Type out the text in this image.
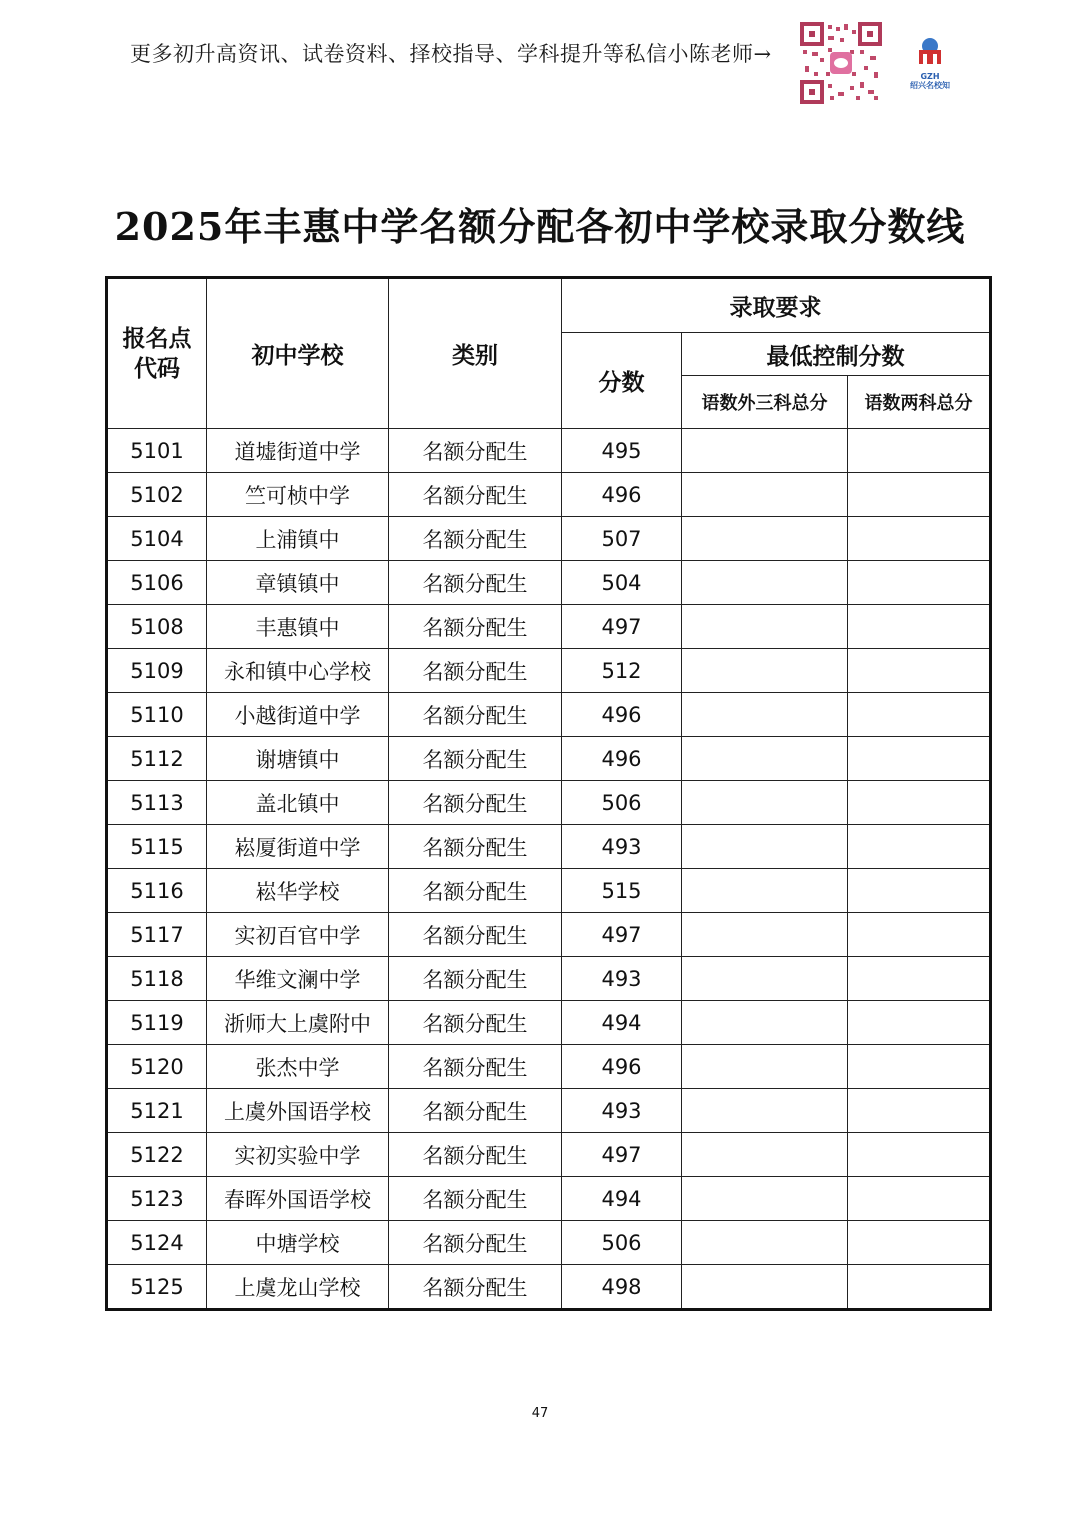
更多初升高资讯、试卷资料、择校指导、学科提升等私信小陈老师→
GZH
绍兴名校知
2025年丰惠中学名额分配各初中学校录取分数线
报名点代码	初中学校	类别	录取要求		
			分数	最低控制分数	
				语数外三科总分	语数两科总分
5101	道墟街道中学	名额分配生	495		
5102	竺可桢中学	名额分配生	496		
5104	上浦镇中	名额分配生	507		
5106	章镇镇中	名额分配生	504		
5108	丰惠镇中	名额分配生	497		
5109	永和镇中心学校	名额分配生	512		
5110	小越街道中学	名额分配生	496		
5112	谢塘镇中	名额分配生	496		
5113	盖北镇中	名额分配生	506		
5115	崧厦街道中学	名额分配生	493		
5116	崧华学校	名额分配生	515		
5117	实初百官中学	名额分配生	497		
5118	华维文澜中学	名额分配生	493		
5119	浙师大上虞附中	名额分配生	494		
5120	张杰中学	名额分配生	496		
5121	上虞外国语学校	名额分配生	493		
5122	实初实验中学	名额分配生	497		
5123	春晖外国语学校	名额分配生	494		
5124	中塘学校	名额分配生	506		
5125	上虞龙山学校	名额分配生	498		
47
